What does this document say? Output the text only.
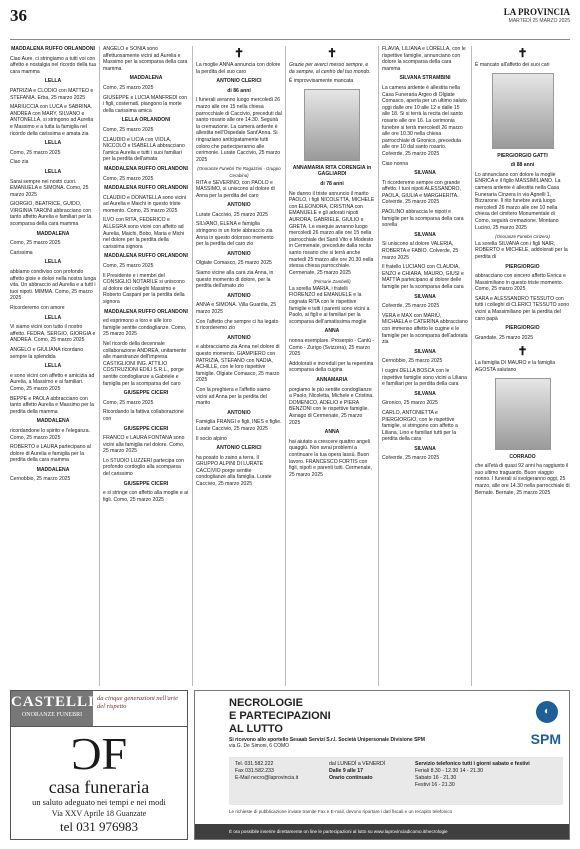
36	LA PROVINCIA
MARTEDÌ 25 MARZO 2025
MADDALENA RUFFO ORLANDONI
Ciao Aure, ci stringiamo a tutti voi con affetto e nostalgia nel ricordo della tua cara mamma
LELLA
PATRIZIA e CLODIO con MATTEO e STEFANIA. Erba, 25 marzo 2025
MARIUCCIA con LUCA e SABRINA, ANDREA con MARY, SILVANO e ANTONELLA, si stringono ad Aurelia e Massimo e a tutta la famiglia nel ricordo della carissima e amata zia
LELLA
Como, 25 marzo 2025
Ciao zia
LELLA
Sarai sempre nei nostri cuori. EMANUELA e SIMONA. Como, 25 marzo 2025
GIORGIO, BEATRICE, GUIDO, VIRGINIA TARONI abbracciano con tanto affetto Aurelia e familiari per la scomparsa della cara mamma
MADDALENA
Como, 25 marzo 2025
Carissima
LELLA
abbiamo condiviso con profondo affetto gioie e dolori nella nostra lunga vita. Un abbraccio ad Aurelia e a tutti i tuoi nipoti. MIMMA. Como, 25 marzo 2025
Ricorderemo con amore
LELLA
Vi siamo vicini con tutto il nostro affetto. FEDRA, SERGIO, GIORGIA e ANDREA. Como, 25 marzo 2025
ANGELO e GIULIANA ricordano sempre la splendida
LELLA
e sono vicini con affetto e amicizia ad Aurelia, a Massimo e ai familiari. Como, 25 marzo 2025
BEPPE e PAOLA abbracciano con tanto affetto Aurelia e Massimo per la perdita della mamma
MADDALENA
ricordandone lo spirito e l'eleganza. Como, 25 marzo 2025
ROBERTO e LAURA partecipano al dolore di Aurelia e famiglia per la perdita della cara mamma
MADDALENA
Cernobbio, 25 marzo 2025
ANGELO e SONIA sono affettuosamente vicini ad Aurelia e Massimo per la scomparsa della cara mamma
MADDALENA
Como, 25 marzo 2025
GIUSEPPE e LUCIA MANFREDI con i figli, costernati, piangono la morte della carissima amica
LELLA ORLANDONI
Como, 25 marzo 2025
CLAUDIO e LICIA con VIOLA, NICCOLÒ e ISABELLA abbracciano l'amica Aurelia e tutti i suoi familiari per la perdita dell'amata
MADDALENA RUFFO ORLANDONI
Como, 25 marzo 2025
MADDALENA RUFFO ORLANDONI
CLAUDIO e DONATELLA sono vicini ad Aurelia e Maichi in questo triste momento. Como, 25 marzo 2025
ILVO con RITA, FEDERICO e ALLEGRA sono vicini con affetto ad Aurelia, Maichi, Bobo, Maria e Michi nel dolore per la perdita della carissima signora
MADDALENA RUFFO ORLANDONI
Como, 25 marzo 2025
Il Presidente e i membri del CONSIGLIO NOTARILE si uniscono al dolore dei colleghi Massimo e Roberto Caspani per la perdita della signora
MADDALENA RUFFO ORLANDONI
ed esprimono a loro e alle loro famiglie sentite condoglianze. Como, 25 marzo 2025
Nel ricordo della decennale collaborazione ANDREA, unitamente alle maestranze dell'impresa CASTIGLIONI ING. ATTILIO COSTRUZIONI EDILI S.R.L., porge sentite condoglianze a Gabriele e famiglia per la scomparsa del caro
GIUSEPPE CICERI
Como, 25 marzo 2025
Ricordando la fattiva collaborazione con
GIUSEPPE CICERI
FRANCO e LAURA FONTANA sono vicini alla famiglia nel dolore. Como, 25 marzo 2025
Lo STUDIO LUZZERI partecipa con profondo cordoglio alla scomparsa del carissimo
GIUSEPPE CICERI
e si stringe con affetto alla moglie e ai figli. Como, 25 marzo 2025
✝
La moglie ANNA annuncia con dolore la perdita del suo caro
ANTONIO CLERICI
di 86 anni
I funerali avranno luogo mercoledì 26 marzo alle ore 15 nella chiesa parrocchiale di Cacciviо, preceduti dal santo rosario alle ore 14.30. Seguirà la cremazione. La camera ardente è allestita nell'Ospedale Sant'Anna. Si ringraziano anticipatamente tutti coloro che parteciperanno alle cerimonie. Lurate Caccivio, 25 marzo 2025
(Onoranze Funebri Tre Ragazzini - Gruppo Cerabino)
RITA e SEVERINO, con PAOLO e MASSIMO, si uniscono al dolore di Anna per la perdita del caro
ANTONIO
Lurate Caccivio, 25 marzo 2025
SILVANO, ELENA e famiglia stringono in un forte abbraccio zia Anna in questo doloroso momento per la perdita del caro zio
ANTONIO
Olgiate Comasco, 25 marzo 2025
Siamo vicine alla cara zia Anna, in questo momento di dolore, per la perdita dell'amato zio
ANTONIO
ANNA e SIMONA. Villa Guardia, 25 marzo 2025
Con l'affetto che sempre ci ha legato ti ricorderemo zio
ANTONIO
e abbracciamo zia Anna nel dolore di questo momento. GIAMPIERO con PATRIZIA, STEFANO con NADIA, ACHILLE, con le loro rispettive famiglie. Olgiate Comasco, 25 marzo 2025
Con la preghiera e l'affetto siamo vicini ad Anna per la perdita del marito
ANTONIO
Famiglia FRANGI e figli, INES e figlie. Lurate Caccivio, 25 marzo 2025
Il socio alpino
ANTONIO CLERICI
ha posato lo zaino a terra. Il GRUPPO ALPINI DI LURATE CACCIVIO porge sentite condoglianze alla famiglia. Lurate Caccivio, 25 marzo 2025
✝
Grazie per averci messo sempre, e da sempre, al centro del tuo mondo.
È improvvisamente mancata
ANNAMARIA RITA CORENGIA in GAGLIARDI
di 78 anni
Ne danno il triste annuncio il marito PAOLO, i figli NICOLETTA, MICHELE con ELEONORA, CRISTINA con EMANUELE e gli adorati nipoti AURORA, GABRIELE, GIULIO e GRETA. Le esequie avranno luogo mercoledì 26 marzo alle ore 15 nella parrocchiale dei Santi Vito e Modesto in Cermenate, precedute dalla recita santo rosario che si terrà anche martedì 25 marzo alle ore 20.30 nella stessa chiesa parrocchiale. Cermenate, 25 marzo 2025
(Primarie Zambelli)
La sorella MARIA, i fratelli FIORENZO ed EMANUELE e la cognata RITA con le rispettive famiglie e tutti i parenti sono vicini a Paolo, ai figli e ai familiari per la scomparsa dell'amatissima moglie
ANNA
nonna esemplare. Proserpio - Cantù - Como - Zurigo (Svizzera), 25 marzo 2025
Addolorati e increduli per la repentina scomparsa della cugina
ANNAMARIA
porgiamo le più sentite condoglianze a Paolo, Nicoletta, Michele e Cristina. DOMENICO, ADELIO e PIERA BENZONI con le rispettive famiglie. Asnago di Cermenate, 25 marzo 2025
ANNA
hai aiutato a crescere quattro angeli quaggiù. Non avrai problemi a continuare la tua opera lassù. Buon lavoro. FRANCESCO FORTIS con figli, nipoti e parenti tutti. Cermenate, 25 marzo 2025
FLAVIA, LILIANA e LORELLA, con le rispettive famiglie, annunciano con dolore la scomparsa della cara mamma
SILVANA STRAMBINI
La camera ardente è allestita nella Casa Funeraria Argeo di Olgiate Comasco, aperta per un ultimo saluto oggi dalle ore 10 alle 12 e dalle 15 alle 18. Si si terrà la recita del santo rosario alle ore 16. La cerimonia funebre si terrà mercoledì 26 marzo alle ore 10.30 nella chiesa parrocchiale di Gironico, preceduta alle ore 10 dal santo rosario. Colverde, 25 marzo 2025
Ciao nonna
SILVANA
Ti ricorderemo sempre con grande affetto. I tuoi nipoti ALESSANDRO, PAOLA, GIULIA e MARGHERITA. Colverde, 25 marzo 2025
PAOLINO abbraccia le nipoti e famiglie per la scomparsa della cara sorella
SILVANA
Si uniscono al dolore VALERIA, ROBERTA e FABIO. Colverde, 25 marzo 2025
Il fratello LUCIANO con CLAUDIA, ENZO e CHIARA, MAURO, GIUSI e MATTIA partecipano al dolore delle famiglie per la scomparsa della cara
SILVANA
Colverde, 25 marzo 2025
VERA e MAX con MARIÙ, MICHAELA e CATERINA abbracciano con immenso affetto le cugine e le famiglie per la scomparsa dell'adorata zia
SILVANA
Cernobbio, 25 marzo 2025
I cugini DELLA BOSCA con le rispettive famiglie sono vicini a Liliana e familiari per la perdita della cara
SILVANA
Gironico, 25 marzo 2025
CARLO, ANTONIETTA e PIERGIORGIO, con le rispettive famiglie, si stringono con affetto a Liliana, Lino e familiari tutti per la perdita della cara
SILVANA
Colverde, 25 marzo 2025
✝
È mancato all'affetto dei suoi cari
PIERGIORGIO GATTI
di 88 anni
Lo annunciano con dolore la moglie ENRICA e il figlio MASSIMILIANO. La camera ardente è allestita nella Casa Funeraria Cinzera in via Agnelli 1, Bizzarone. Il rito funebre avrà luogo mercoledì 26 marzo alle ore 10 nella chiesa del cimitero Monumentale di Como, seguirà cremazione. Montano Lucino, 25 marzo 2025
(Onoranze Funebri Cinzera)
La sorella SILVANA con i figli NAIR, ROBERTO e MICHELE, addolorati per la perdita di
PIERGIORGIO
abbracciano con sincero affetto Enrica e Massimiliano in questo triste momento. Como, 25 marzo 2025
SARA e ALESSANDRO TESSUTO con tutti i colleghi di CLERICI TESSUTO sono vicini a Massimiliano per la perdita del caro papà
PIERGIORGIO
Grandate, 25 marzo 2025
✝
La famiglia DI MAURO e la famiglia AGOSTA salutano
CORRADO
che all'età di quasi 92 anni ha raggiunto il suo ultimo traguardo. Buon viaggio nonno. I funerali si svolgeranno oggi, 25 marzo, alle ore 14.30 nella parrocchiale di Bernate. Bernate, 25 marzo 2025
CASTELLI
ONORANZE FUNEBRI
da cinque generazioni nell'arte del rispetto
ƆF
casa funeraria
un saluto adeguato nei tempi e nei modi
Via XXV Aprile 18 Guanzate
tel 031 976983
NECROLOGIE
E PARTECIPAZIONI
AL LUTTO
◐SPM
Si ricevono allo sportello Sesaab Servizi S.r.l. Società Unipersonale Divisione SPM
via G. De Simoni, 6 COMO
Tel. 031.582.222
Fax 031.582.233
E-Mail necro@laprovincia.it
dal LUNEDÌ a VENERDÌ
Dalle 9 alle 17
Orario continuato
Servizio telefonico tutti i giorni sabato e festivi
Feriali 8.30 - 12.30 14 - 21.30
Sabato 16 - 21.30
Festivi 16 - 21.30
Le richieste di pubblicazione inviate tramite Fax e E-mail, devono riportare i dati fiscali e un recapito telefonico
È ora possibile inserire direttamente on line le partecipazioni al lutto su www.laprovinciadicomo.it/necrologie
